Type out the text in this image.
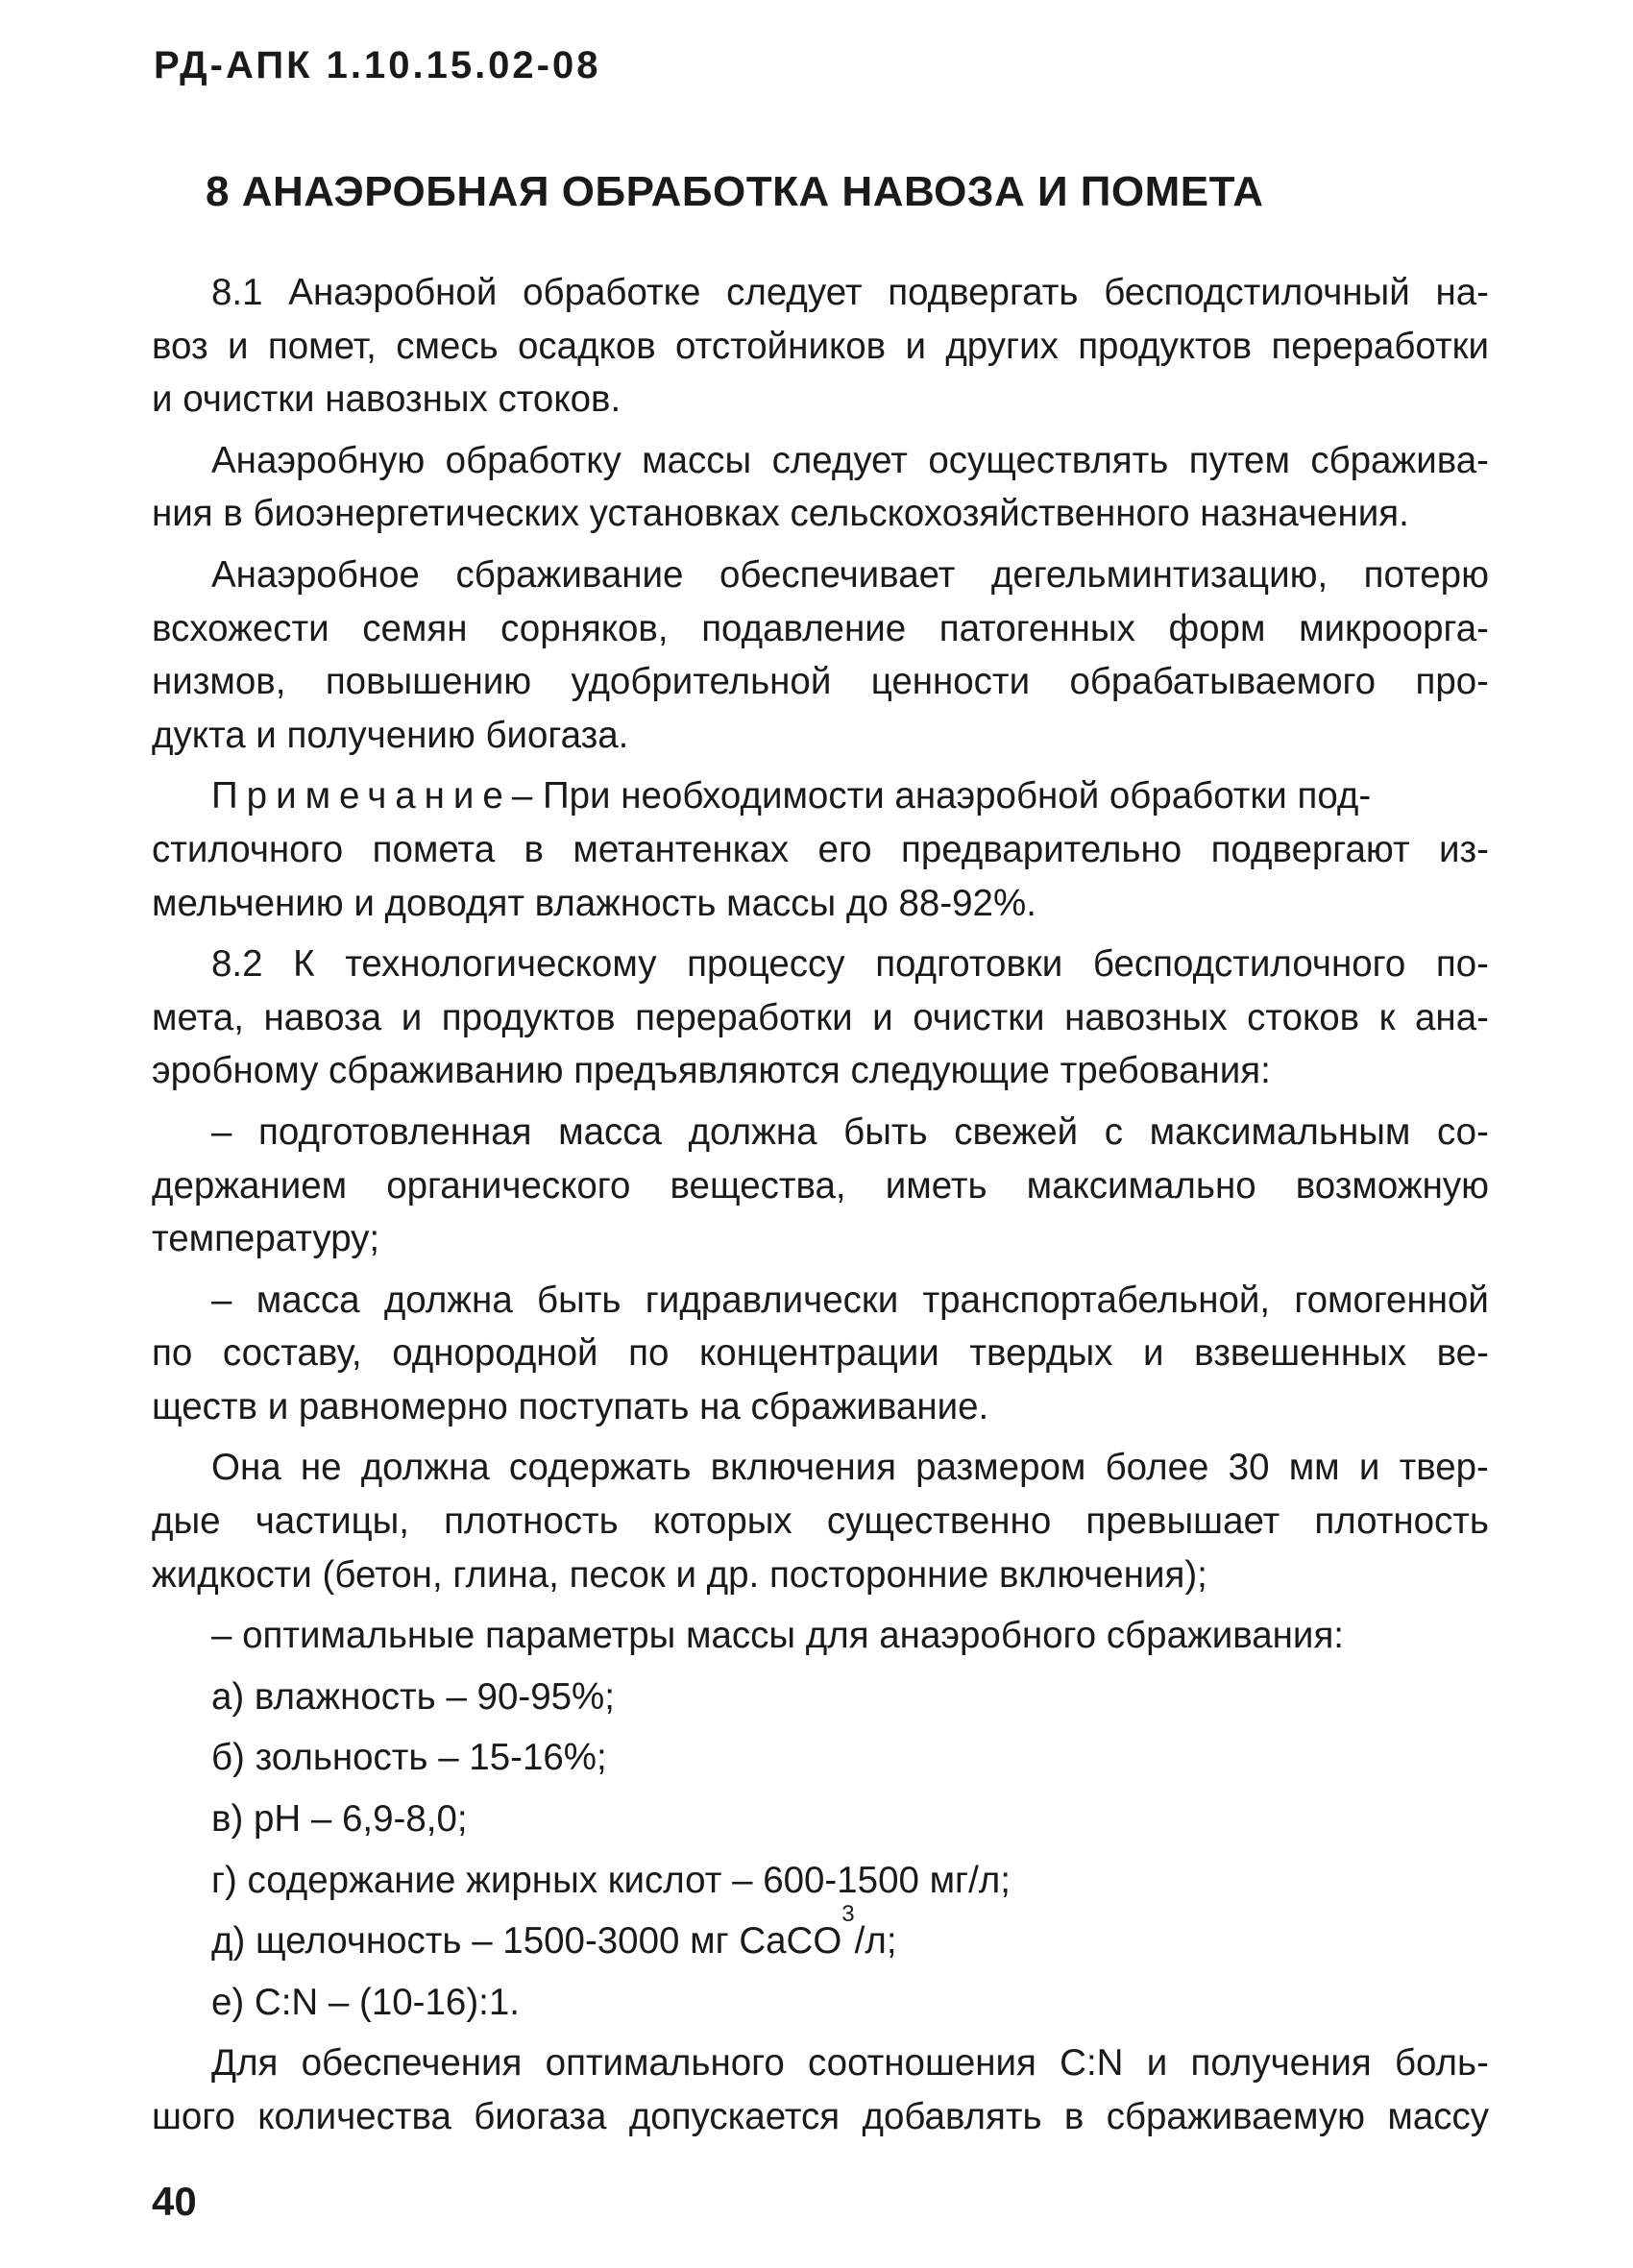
РД-АПК 1.10.15.02-08
8 АНАЭРОБНАЯ ОБРАБОТКА НАВОЗА И ПОМЕТА
8.1 Анаэробной обработке следует подвергать бесподстилочный на-
воз и помет, смесь осадков отстойников и других продуктов переработки
и очистки навозных стоков.
Анаэробную обработку массы следует осуществлять путем сбражива-
ния в биоэнергетических установках сельскохозяйственного назначения.
Анаэробное сбраживание обеспечивает дегельминтизацию, потерю
всхожести семян сорняков, подавление патогенных форм микроорга-
низмов, повышению удобрительной ценности обрабатываемого про-
дукта и получению биогаза.
Примечание – При необходимости анаэробной обработки под-
стилочного помета в метантенках его предварительно подвергают из-
мельчению и доводят влажность массы до 88-92%.
8.2 К технологическому процессу подготовки бесподстилочного по-
мета, навоза и продуктов переработки и очистки навозных стоков к ана-
эробному сбраживанию предъявляются следующие требования:
– подготовленная масса должна быть свежей с максимальным со-
держанием органического вещества, иметь максимально возможную
температуру;
– масса должна быть гидравлически транспортабельной, гомогенной
по составу, однородной по концентрации твердых и взвешенных ве-
ществ и равномерно поступать на сбраживание.
Она не должна содержать включения размером более 30 мм и твер-
дые частицы, плотность которых существенно превышает плотность
жидкости (бетон, глина, песок и др. посторонние включения);
– оптимальные параметры массы для анаэробного сбраживания:
а) влажность – 90-95%;
б) зольность – 15-16%;
в) рН – 6,9-8,0;
г) содержание жирных кислот – 600-1500 мг/л;
д) щелочность – 1500-3000 мг CaCO
3
/л;
е) C:N – (10-16):1.
Для обеспечения оптимального соотношения C:N и получения боль-
шого количества биогаза допускается добавлять в сбраживаемую массу
40
